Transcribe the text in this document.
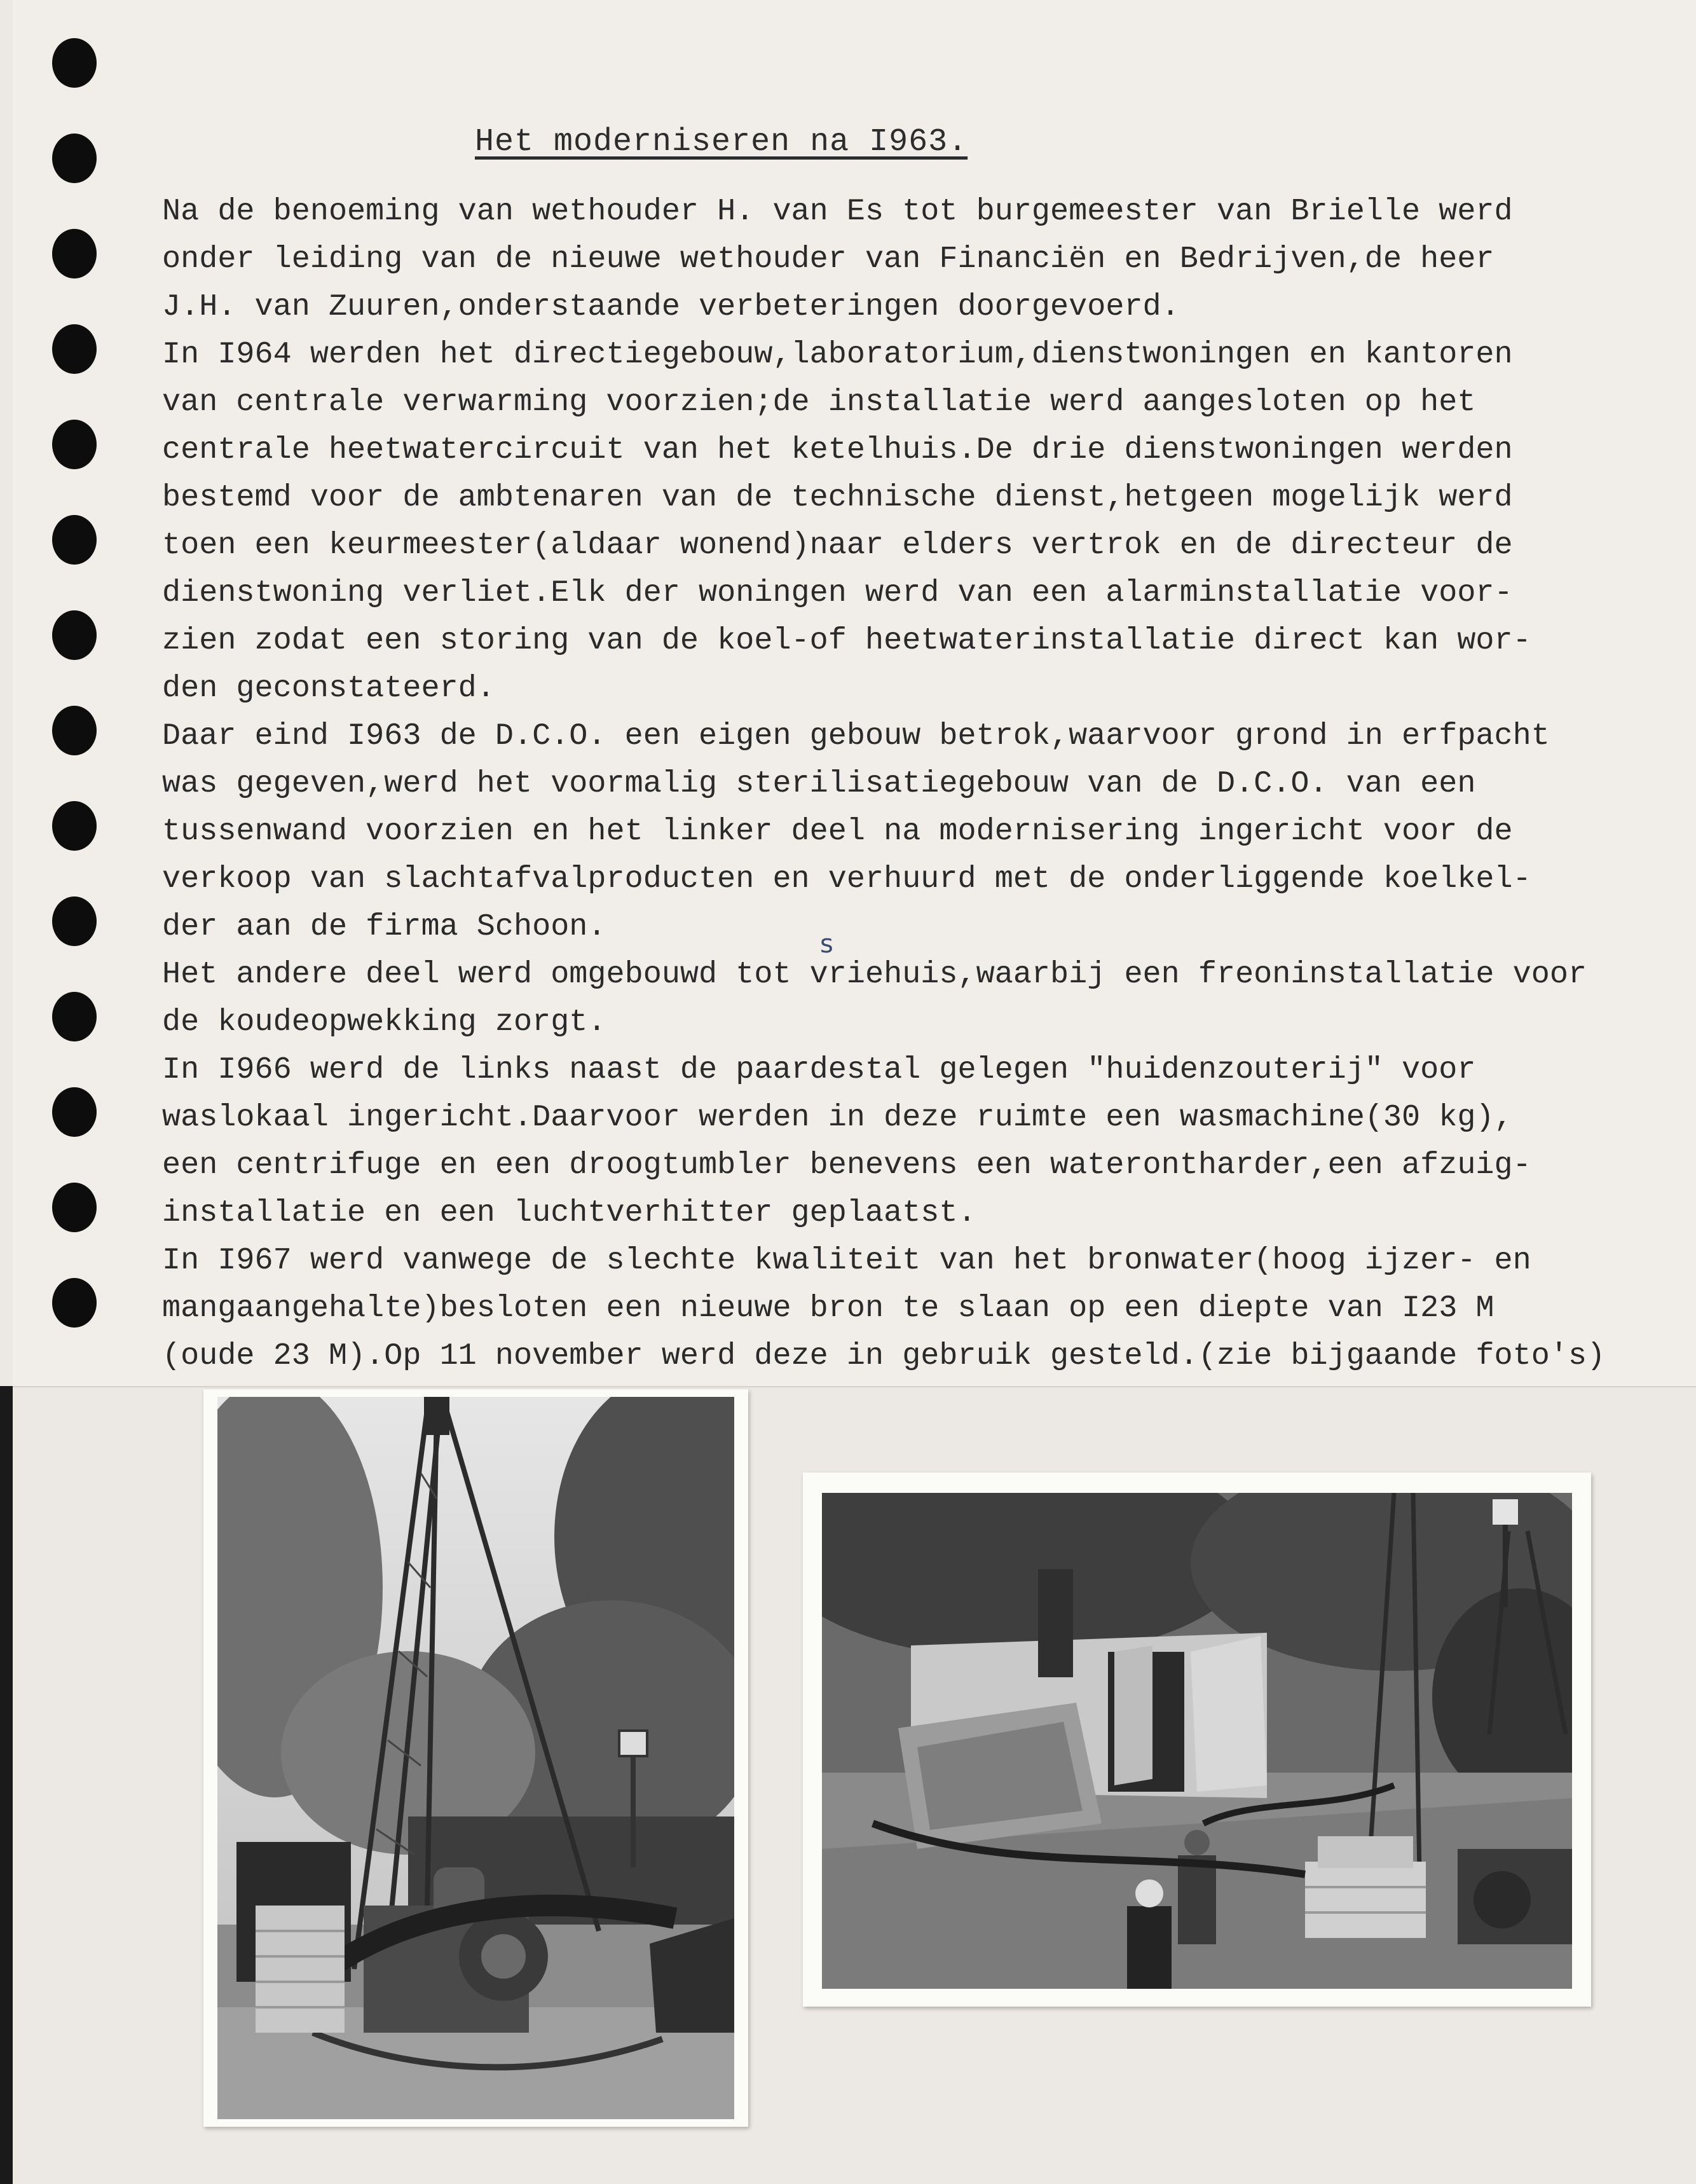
Het moderniseren na I963.
Na de benoeming van wethouder H. van Es tot burgemeester van Brielle werd
onder leiding van de nieuwe wethouder van Financiën en Bedrijven,de heer
J.H. van Zuuren,onderstaande verbeteringen doorgevoerd.
In I964 werden het directiegebouw,laboratorium,dienstwoningen en kantoren
van centrale verwarming voorzien;de installatie werd aangesloten op het
centrale heetwatercircuit van het ketelhuis.De drie dienstwoningen werden
bestemd voor de ambtenaren van de technische dienst,hetgeen mogelijk werd
toen een keurmeester(aldaar wonend)naar elders vertrok en de directeur de
dienstwoning verliet.Elk der woningen werd van een alarminstallatie voor-
zien zodat een storing van de koel-of heetwaterinstallatie direct kan wor-
den geconstateerd.
Daar eind I963 de D.C.O. een eigen gebouw betrok,waarvoor grond in erfpacht
was gegeven,werd het voormalig sterilisatiegebouw van de D.C.O. van een
tussenwand voorzien en het linker deel na modernisering ingericht voor de
verkoop van slachtafvalproducten en verhuurd met de onderliggende koelkel-
der aan de firma Schoon.
Het andere deel werd omgebouwd tot vriehuis,waarbij een freoninstallatie voor
de koudeopwekking zorgt.
In I966 werd de links naast de paardestal gelegen "huidenzouterij" voor
waslokaal ingericht.Daarvoor werden in deze ruimte een wasmachine(30 kg),
een centrifuge en een droogtumbler benevens een waterontharder,een afzuig-
installatie en een luchtverhitter geplaatst.
In I967 werd vanwege de slechte kwaliteit van het bronwater(hoog ijzer- en
mangaangehalte)besloten een nieuwe bron te slaan op een diepte van I23 M
(oude 23 M).Op 11 november werd deze in gebruik gesteld.(zie bijgaande foto's)
s
